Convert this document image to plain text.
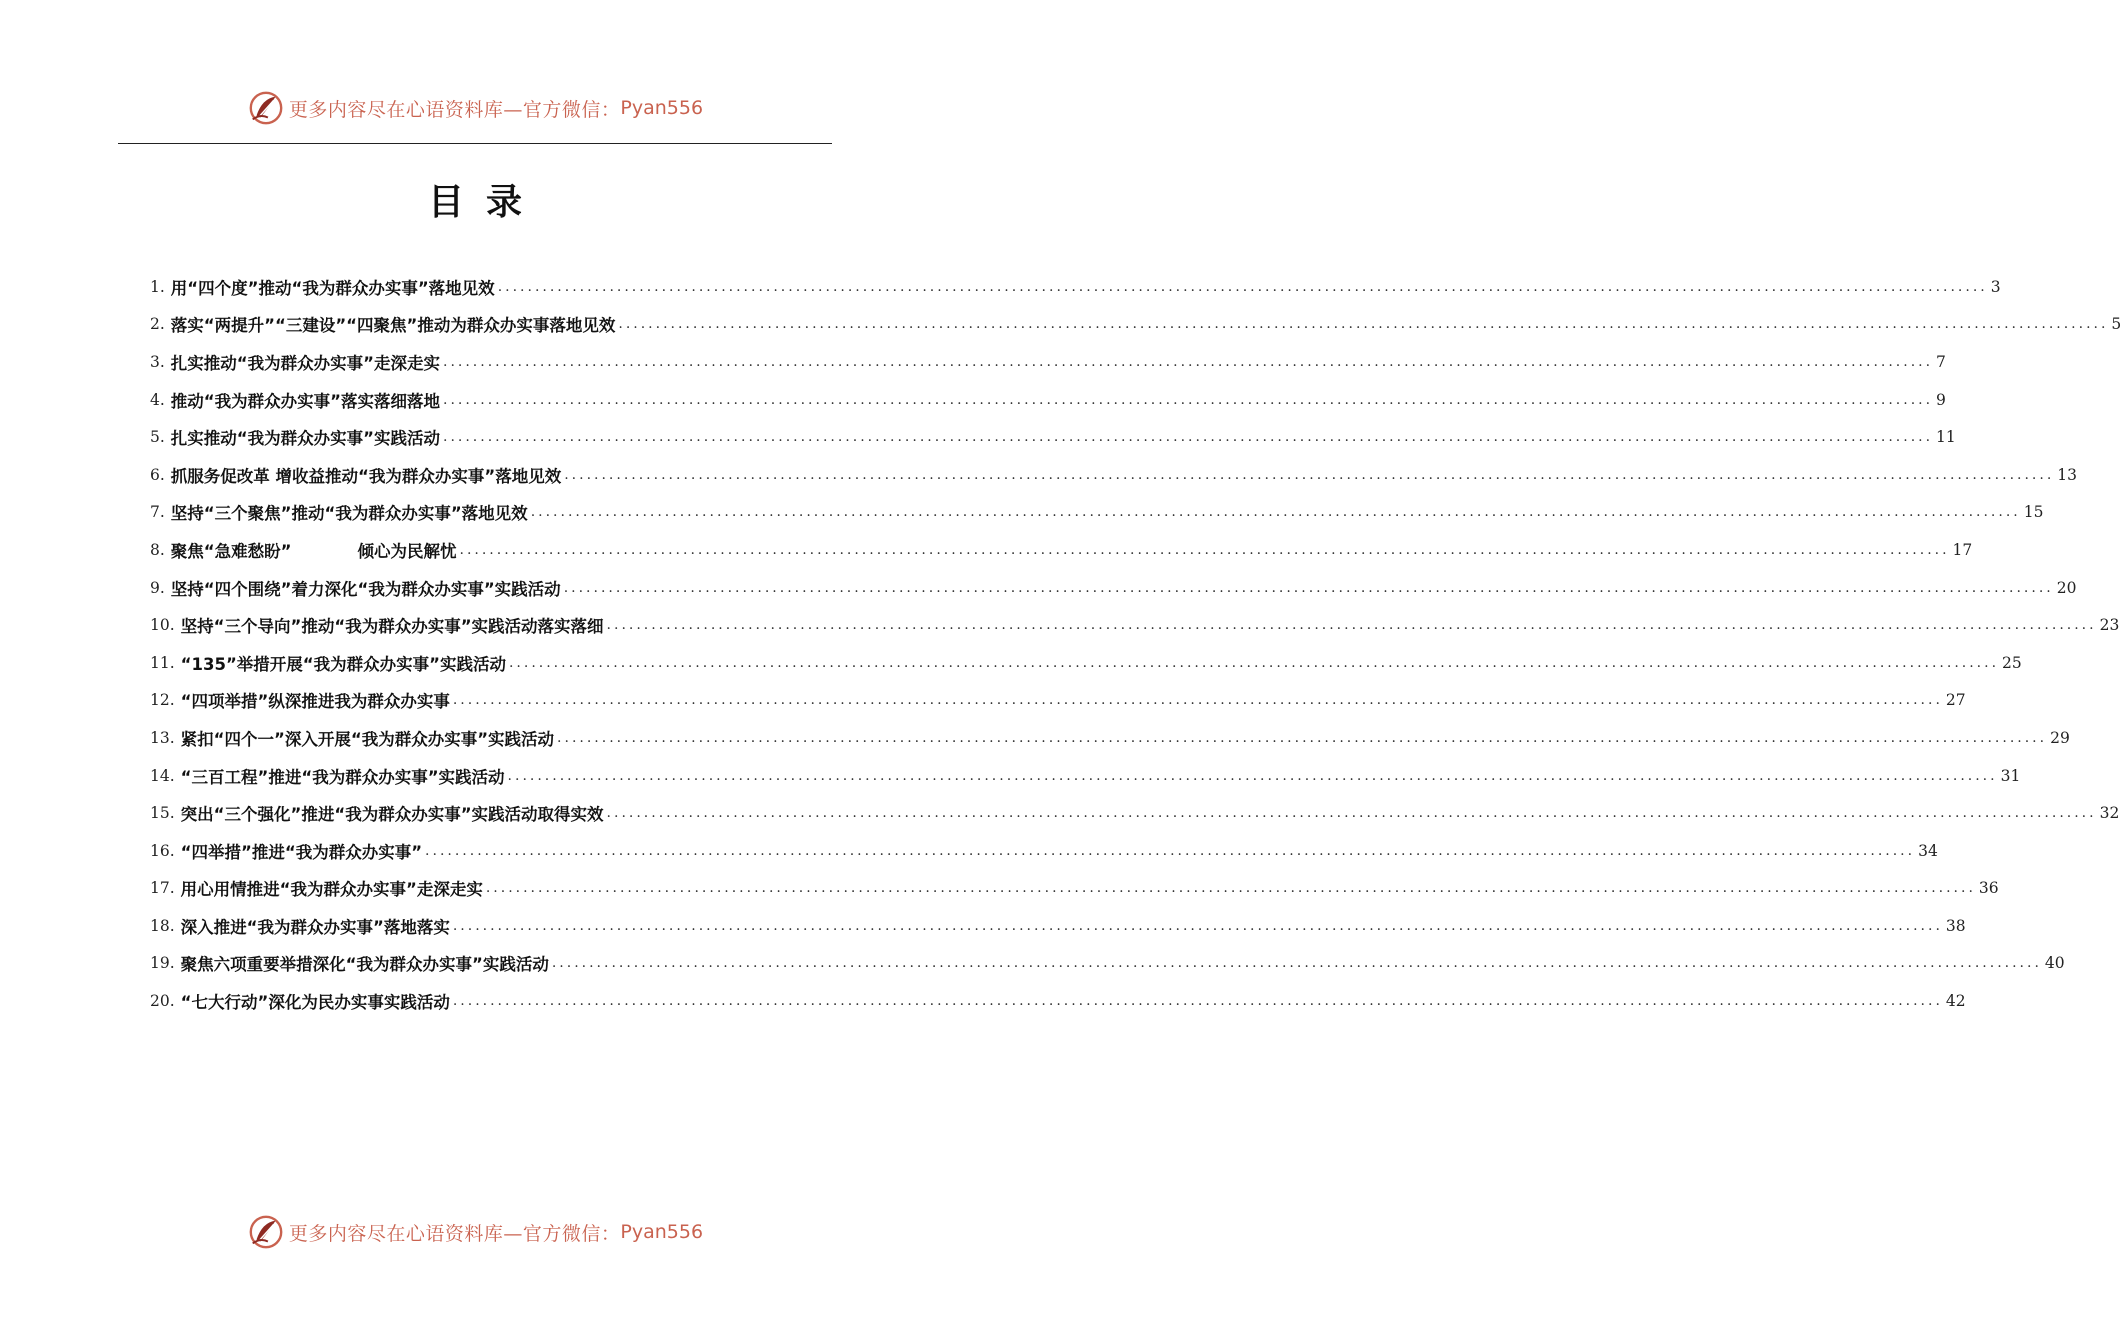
更多内容尽在心语资料库—官方微信： Pyan556
目录
1. 用“四个度”推动“我为群众办实事”落地见效 ........................................................................................................................................................................................................ 3
2. 落实“两提升”“三建设”“四聚焦”推动为群众办实事落地见效 ........................................................................................................................................................................................................ 5
3. 扎实推动“我为群众办实事”走深走实 ........................................................................................................................................................................................................ 7
4. 推动“我为群众办实事”落实落细落地 ........................................................................................................................................................................................................ 9
5. 扎实推动“我为群众办实事”实践活动 ........................................................................................................................................................................................................ 11
6. 抓服务促改革 增收益推动“我为群众办实事”落地见效 ........................................................................................................................................................................................................ 13
7. 坚持“三个聚焦”推动“我为群众办实事”落地见效 ........................................................................................................................................................................................................ 15
8. 聚焦“急难愁盼”　　　　倾心为民解忧 ........................................................................................................................................................................................................ 17
9. 坚持“四个围绕”着力深化“我为群众办实事”实践活动 ........................................................................................................................................................................................................ 20
10. 坚持“三个导向”推动“我为群众办实事”实践活动落实落细 ........................................................................................................................................................................................................ 23
11. “135”举措开展“我为群众办实事”实践活动 ........................................................................................................................................................................................................ 25
12. “四项举措”纵深推进我为群众办实事 ........................................................................................................................................................................................................ 27
13. 紧扣“四个一”深入开展“我为群众办实事”实践活动 ........................................................................................................................................................................................................ 29
14. “三百工程”推进“我为群众办实事”实践活动 ........................................................................................................................................................................................................ 31
15. 突出“三个强化”推进“我为群众办实事”实践活动取得实效 ........................................................................................................................................................................................................ 32
16. “四举措”推进“我为群众办实事” ........................................................................................................................................................................................................ 34
17. 用心用情推进“我为群众办实事”走深走实 ........................................................................................................................................................................................................ 36
18. 深入推进“我为群众办实事”落地落实 ........................................................................................................................................................................................................ 38
19. 聚焦六项重要举措深化“我为群众办实事”实践活动 ........................................................................................................................................................................................................ 40
20. “七大行动”深化为民办实事实践活动 ........................................................................................................................................................................................................ 42
更多内容尽在心语资料库—官方微信： Pyan556
